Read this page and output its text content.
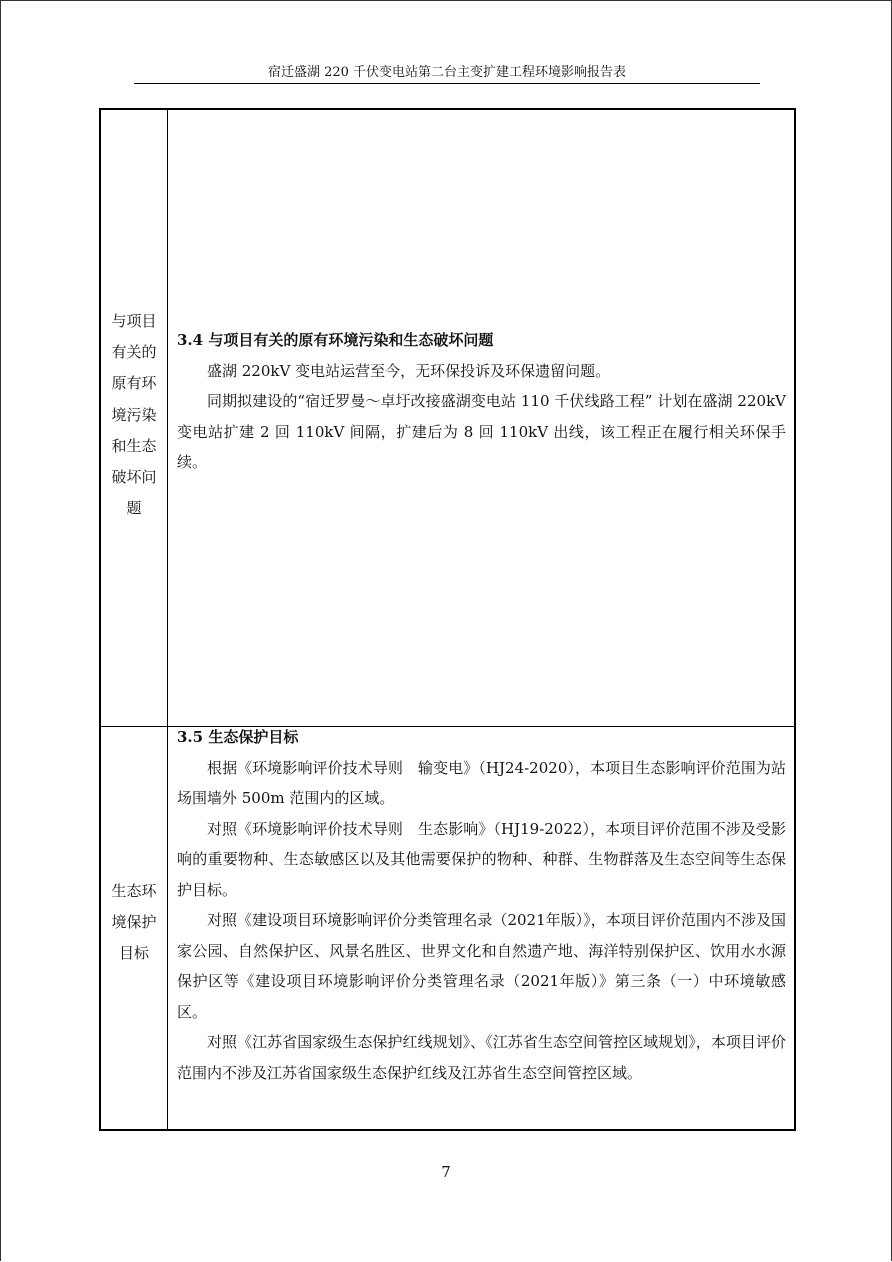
宿迁盛湖 220 千伏变电站第二台主变扩建工程环境影响报告表
与项目
有关的
原有环
境污染
和生态
破坏问
题
3.4 与项目有关的原有环境污染和生态破坏问题

盛湖 220kV 变电站运营至今，无环保投诉及环保遗留问题。

同期拟建设的“宿迁罗曼～卓圩改接盛湖变电站 110 千伏线路工程” 计划在盛湖 220kV 变电站扩建 2 回 110kV 间隔，扩建后为 8 回 110kV 出线，该工程正在履行相关环保手续。

生态环
境保护
目标
3.5 生态保护目标

根据《环境影响评价技术导则　输变电》（HJ24-2020），本项目生态影响评价范围为站场围墙外 500m 范围内的区域。

对照《环境影响评价技术导则　生态影响》（HJ19-2022），本项目评价范围不涉及受影响的重要物种、生态敏感区以及其他需要保护的物种、种群、生物群落及生态空间等生态保护目标。

对照《建设项目环境影响评价分类管理名录（2021年版）》，本项目评价范围内不涉及国家公园、自然保护区、风景名胜区、世界文化和自然遗产地、海洋特别保护区、饮用水水源保护区等《建设项目环境影响评价分类管理名录（2021年版）》第三条（一）中环境敏感区。

对照《江苏省国家级生态保护红线规划》、《江苏省生态空间管控区域规划》，本项目评价范围内不涉及江苏省国家级生态保护红线及江苏省生态空间管控区域。

7
